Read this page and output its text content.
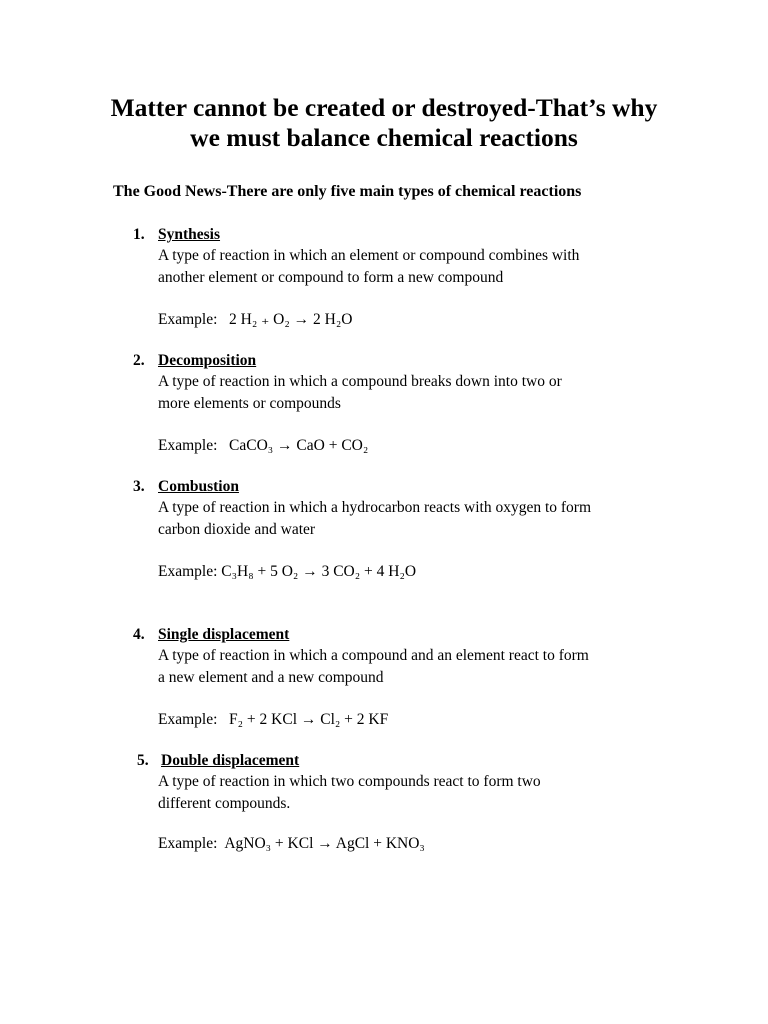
Matter cannot be created or destroyed-That’s why
we must balance chemical reactions
The Good News-There are only five main types of chemical reactions
1. Synthesis
A type of reaction in which an element or compound combines with
another element or compound to form a new compound
Example: 2 H₂ ₊ O₂ → 2 H₂O
2. Decomposition
A type of reaction in which a compound breaks down into two or
more elements or compounds
Example: CaCO₃ → CaO + CO₂
3. Combustion
A type of reaction in which a hydrocarbon reacts with oxygen to form
carbon dioxide and water
Example: C₃H₈ + 5 O₂ → 3 CO₂ + 4 H₂O
4. Single displacement
A type of reaction in which a compound and an element react to form
a new element and a new compound
Example: F₂ + 2 KCl → Cl₂ + 2 KF
5. Double displacement
A type of reaction in which two compounds react to form two
different compounds.
Example: AgNO₃ + KCl → AgCl + KNO₃
